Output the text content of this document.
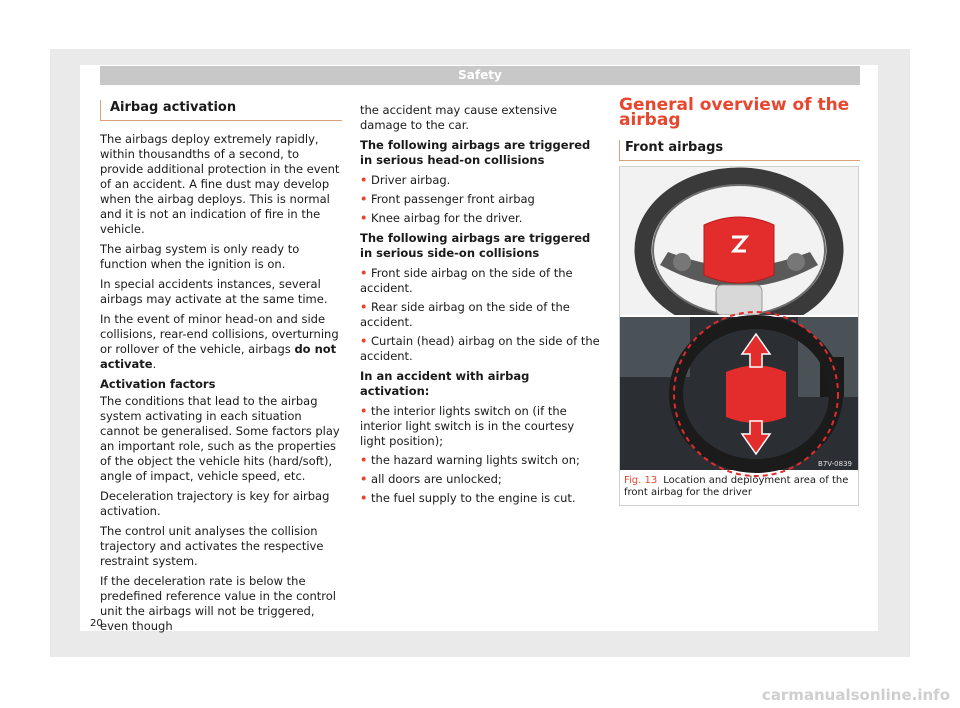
Safety
Airbag activation

The airbags deploy extremely rapidly, within thousandths of a second, to provide additional protection in the event of an accident. A fine dust may develop when the airbag deploys. This is normal and it is not an indication of fire in the vehicle.

The airbag system is only ready to function when the ignition is on.

In special accidents instances, several airbags may activate at the same time.

In the event of minor head-on and side collisions, rear-end collisions, overturning or rollover of the vehicle, airbags do not activate.

Activation factors

The conditions that lead to the airbag system activating in each situation cannot be generalised. Some factors play an important role, such as the properties of the object the vehicle hits (hard/soft), angle of impact, vehicle speed, etc.

Deceleration trajectory is key for airbag activation.

The control unit analyses the collision trajectory and activates the respective restraint system.

If the deceleration rate is below the predefined reference value in the control unit the airbags will not be triggered, even though

the accident may cause extensive damage to the car.

The following airbags are triggered in serious head-on collisions

• Driver airbag.
• Front passenger front airbag
• Knee airbag for the driver.

The following airbags are triggered in serious side-on collisions

• Front side airbag on the side of the accident.
• Rear side airbag on the side of the accident.
• Curtain (head) airbag on the side of the accident.

In an accident with airbag activation:

• the interior lights switch on (if the interior light switch is in the courtesy light position);
• the hazard warning lights switch on;
• all doors are unlocked;
• the fuel supply to the engine is cut.
General overview of the airbag
Front airbags
B7V-0839
Fig. 13 Location and deployment area of the front airbag for the driver
20
carmanualsonline.info
